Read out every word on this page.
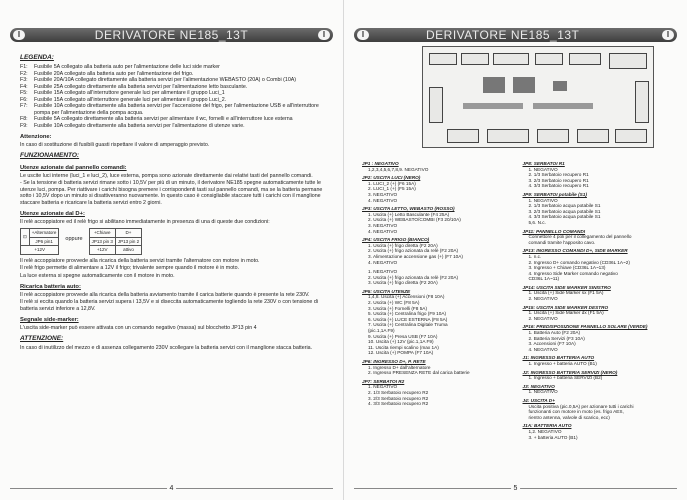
I	DERIVATORE NE185_13T	I
LEGENDA:
F1:	Fusibile 5A collegato alla batteria auto per l'alimentazione delle luci side marker
F2:	Fusibile 20A collegato alla batteria auto per l'alimentazione del frigo.
F3:	Fusibile 20A/10A collegato direttamente alla batteria servizi per l'alimentazione WEBASTO (20A) o Combi (10A)
F4:	Fusibile 25A collegato direttamente alla batteria servizi per l'alimentazione letto basculante.
F5:	Fusibile 15A collegato all'interruttore generale luci per alimentare il gruppo Luci_1
F6:	Fusibile 15A collegato all'interruttore generale luci per alimentare il gruppo Luci_2.
F7:	Fusibile 10A collegato direttamente alla batteria servizi per l'accensione del frigo, per l'alimentazione USB e all'interruttore pompa per l'alimentazione della pompa acqua.
F8:	Fusibile 5A collegato direttamente alla batteria servizi per alimentare il wc, fornelli e all'interruttore luce esterna
F9:	Fusibile 10A collegato direttamente alla batteria servizi per l'alimentazione di utenze varie.
Attenzione:

In caso di sostituzione di fusibili guasti rispettare il valore di amperaggio previsto.

FUNZIONAMENTO:
Utenze azionate dal pannello comandi:

Le uscite luci interne (luci_1 e luci_2), luce esterna, pompa sono azionate direttamente dai relativi tasti del pannello comandi.

- Se la tensione di batteria servizi rimane sotto i 10,5V per più di un minuto, il derivatore NE185 spegne automaticamente tutte le utenze luci, pompa. Per riattivare i carichi bisogna premere i corrispondenti tasti sul pannello comandi, ma se la batteria permane sotto i 10,5V dopo un minuto si disattiveranno nuovamente. In questo caso è consigliabile staccare tutti i carichi con il manglione staccare batteria e ricaricare la batteria servizi entro 2 giorni.

Utenze azionate dal D+:

Il relè accoppiatore ed il relè frigo si abilitano immediatamente in presenza di una di queste due condizioni:

⊡	+Alternatore
JP6 pin1
+12V
oppure
+Chiave	D+
JP13 pin 3	JP13 pin 2
+12V	attivo

Il relè accoppiatore provvede alla ricarica della batteria servizi tramite l'alternatore con motore in moto.

Il relè frigo permette di alimentare a 12V il frigo; trivalente sempre quando il motore è in moto.

La luce esterna si spegne automaticamente con il motore in moto.

Ricarica batteria auto:

Il relè accoppiatore provvede alla ricarica della batteria avviamento tramite il carica batterie quando è presente la rete 230V.

Il relè si eccita quando la batteria servizi supera i 13,5V e si diseccita automaticamente togliendo la rete 230V o con tensione di batteria servizi inferiore a 12,8V.

Segnale side-marker:

L'uscita side-marker può essere attivata con un comando negativo (massa) sul blocchetto JP13 pin 4

ATTENZIONE:

In caso di inutilizzo del mezzo e di assenza collegamento 230V scollegare la batteria servizi con il manglione stacca batteria.

4
I	DERIVATORE NE185_13T	I
JP1 : NEGATIVO
1,2,3,4,5,6,7,8,9. NEGATIVO
JP2: USCITA LUCI (NERO)
1. LUCI_2 (+) (F6 15A)
2. LUCI_1 (+) (F5 15A)
3. NEGATIVO
4. NEGATIVO
JP3: USCITA LETTO, WEBASTO (ROSSO)
1. Uscita (+) Letto Basculante (F4 25A)
2. Uscita (+) WEBASTO/COMBI (F3 20/10A)
3. NEGATIVO
4. NEGATIVO
JP4: USCITA FRIGO (BIANCO)
1. Uscita (+) frigo diretta (F2 20A)
2. Uscita (+) frigo azionata da relè (F2 20A)
3. Alimentazione accensione gas (+) (F7 10A)
4. NEGATIVO
1. NEGATIVO
2. Uscita (+) frigo azionata da relè (F2 20A)
3. Uscita (+) frigo diretta (F2 20A)
JP5: USCITA UTENZE
1,4,8. Uscita (+) Accensioni (F8 10A)
2. Uscita (+) WC (F8 5A)
3. Uscita (+) Fornelli (F8 5A)
5. Uscita (+) Centralina frigo (F9 10A)
6. Uscita (+) LUCE ESTERNA (F8 5A)
7. Uscita (+) Centralina Digitale Truma
(pic.1,1A F9)
9. Uscita (+) Presa USB (F7 10A)
10. Uscita (+) 12V (pic.1,1A F9)
11. Uscita riempi scalino (max 1A)
12. Uscita (+) POMPA (F7 10A)
JP6: INGRESSO D+, P. RETE
1. Ingresso D+ dall'alternatore
2. Ingresso PRESENZA RETE dal carica batterie
JP7: SERBATOI R2
1. NEGATIVO
2. 1/3 Serbatoio recupero R2
3. 2/3 Serbatoio recupero R2
4. 3/3 Serbatoio recupero R2
JP8: SERBATOI R1
1. NEGATIVO
2. 1/3 Serbatoio recupero R1
3. 2/3 Serbatoio recupero R1
4. 3/3 Serbatoio recupero R1
JP9: SERBATOI potabile (S1)
1. NEGATIVO
2. 1/3 Serbatoio acqua potabile S1
3. 2/3 Serbatoio acqua potabile S1
4. 3/3 Serbatoio acqua potabile S1
5,6. N.c.
JP11: PANNELLO COMANDI
Connettore 4 poli per il collegamento del pannello
comandi tramite l'apposito cavo.
JP13: INGRESSO COMANDI D+, SIDE MARKER
1. n.c.
2. Ingresso D+ comando negativo (CD36L 1A~2)
3. Ingresso + Chiave (CD36L 1A~13)
4. Ingresso Side Marker comando negativo
CD36L 1A~11)
JP14: USCITA SIDE MARKER SINISTRO
1. Uscita (+) Side Marker sx (F1 5A)
2. NEGATIVO
JP15: USCITA SIDE MARKER DESTRO
1. Uscita (+) Side Marker dx (F1 5A)
2. NEGATIVO
JP16: PREDISPOSIZIONE PANNELLO SOLARE (VERDE)
1. Batteria Auto (F2 20A)
2. Batteria Servizi (F3 10A)
3. Accensioni (F7 10A)
4. NEGATIVO
J1: INGRESSO BATTERIA AUTO
1. Ingresso + batteria AUTO (B1)
J2: INGRESSO BATTERIA SERVIZI (NERO)
1. Ingresso + batteria SERVIZI (B2)
J3: NEGATIVO
1. NEGATIVO
J4: USCITA D+
Uscita positiva (pic.0,5A) per azionare tutti i carichi
funzionanti con motore in moto (es. frigo AES,
rientro antenna, valvole di scarico, ecc)
J1A: BATTERIA AUTO
1,2. NEGATIVO
3. + batteria AUTO (B1)
5
